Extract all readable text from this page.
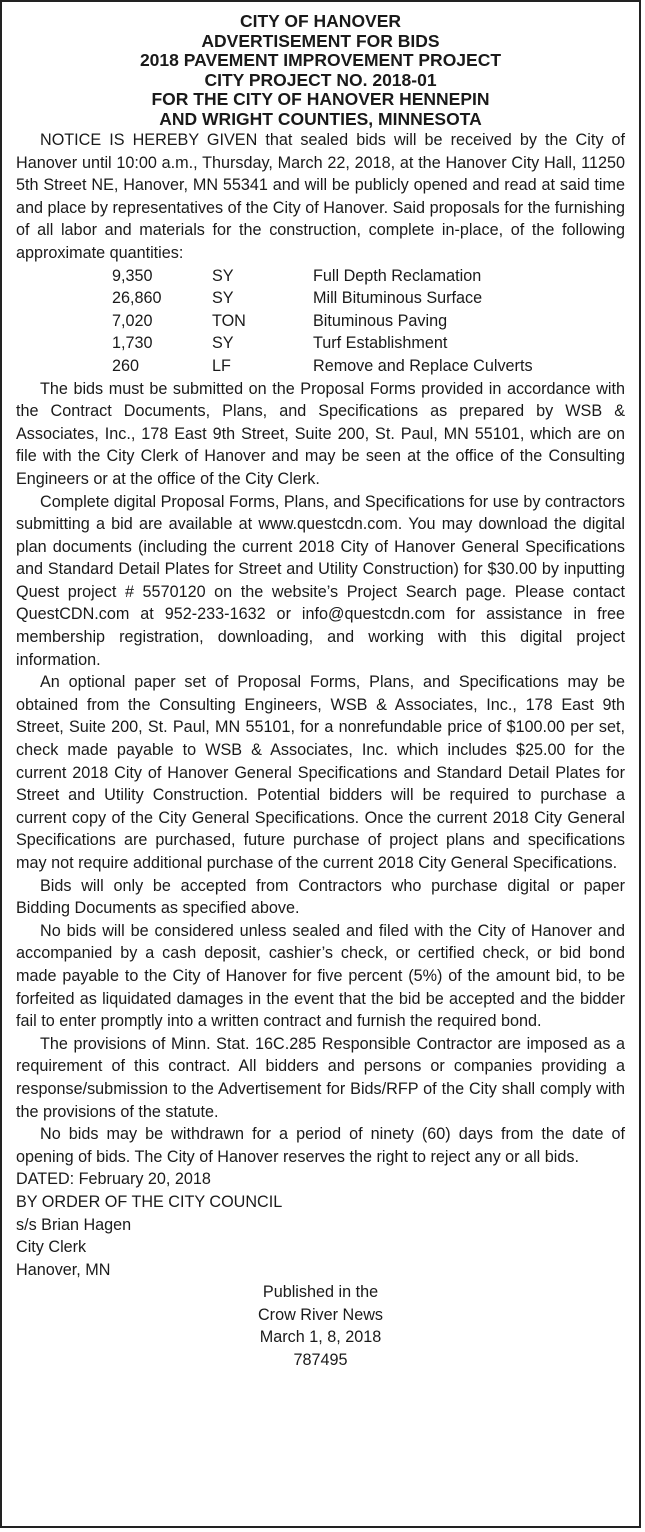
CITY OF HANOVER
ADVERTISEMENT FOR BIDS
2018 PAVEMENT IMPROVEMENT PROJECT
CITY PROJECT NO. 2018-01
FOR THE CITY OF HANOVER HENNEPIN
AND WRIGHT COUNTIES, MINNESOTA

NOTICE IS HEREBY GIVEN that sealed bids will be received by the City of Hanover until 10:00 a.m., Thursday, March 22, 2018, at the Hanover City Hall, 11250 5th Street NE, Hanover, MN 55341 and will be publicly opened and read at said time and place by representatives of the City of Hanover. Said proposals for the furnishing of all labor and materials for the construction, complete in-place, of the following approximate quantities:

9,350	SY	Full Depth Reclamation
26,860	SY	Mill Bituminous Surface
7,020	TON	Bituminous Paving
1,730	SY	Turf Establishment
260	LF	Remove and Replace Culverts

The bids must be submitted on the Proposal Forms provided in accordance with the Contract Documents, Plans, and Specifications as prepared by WSB & Associates, Inc., 178 East 9th Street, Suite 200, St. Paul, MN 55101, which are on file with the City Clerk of Hanover and may be seen at the office of the Consulting Engineers or at the office of the City Clerk.

Complete digital Proposal Forms, Plans, and Specifications for use by contractors submitting a bid are available at www.questcdn.com. You may download the digital plan documents (including the current 2018 City of Hanover General Specifications and Standard Detail Plates for Street and Utility Construction) for $30.00 by inputting Quest project # 5570120 on the website’s Project Search page. Please contact QuestCDN.com at 952-233-1632 or info@questcdn.com for assistance in free membership registration, downloading, and working with this digital project information.

An optional paper set of Proposal Forms, Plans, and Specifications may be obtained from the Consulting Engineers, WSB & Associates, Inc., 178 East 9th Street, Suite 200, St. Paul, MN 55101, for a nonrefundable price of $100.00 per set, check made payable to WSB & Associates, Inc. which includes $25.00 for the current 2018 City of Hanover General Specifications and Standard Detail Plates for Street and Utility Construction. Potential bidders will be required to purchase a current copy of the City General Specifications. Once the current 2018 City General Specifications are purchased, future purchase of project plans and specifications may not require additional purchase of the current 2018 City General Specifications.

Bids will only be accepted from Contractors who purchase digital or paper Bidding Documents as specified above.

No bids will be considered unless sealed and filed with the City of Hanover and accompanied by a cash deposit, cashier’s check, or certified check, or bid bond made payable to the City of Hanover for five percent (5%) of the amount bid, to be forfeited as liquidated damages in the event that the bid be accepted and the bidder fail to enter promptly into a written contract and furnish the required bond.

The provisions of Minn. Stat. 16C.285 Responsible Contractor are imposed as a requirement of this contract. All bidders and persons or companies providing a response/submission to the Advertisement for Bids/RFP of the City shall comply with the provisions of the statute.

No bids may be withdrawn for a period of ninety (60) days from the date of opening of bids. The City of Hanover reserves the right to reject any or all bids.

DATED: February 20, 2018

BY ORDER OF THE CITY COUNCIL

s/s Brian Hagen

City Clerk

Hanover, MN

Published in the
Crow River News
March 1, 8, 2018
787495
